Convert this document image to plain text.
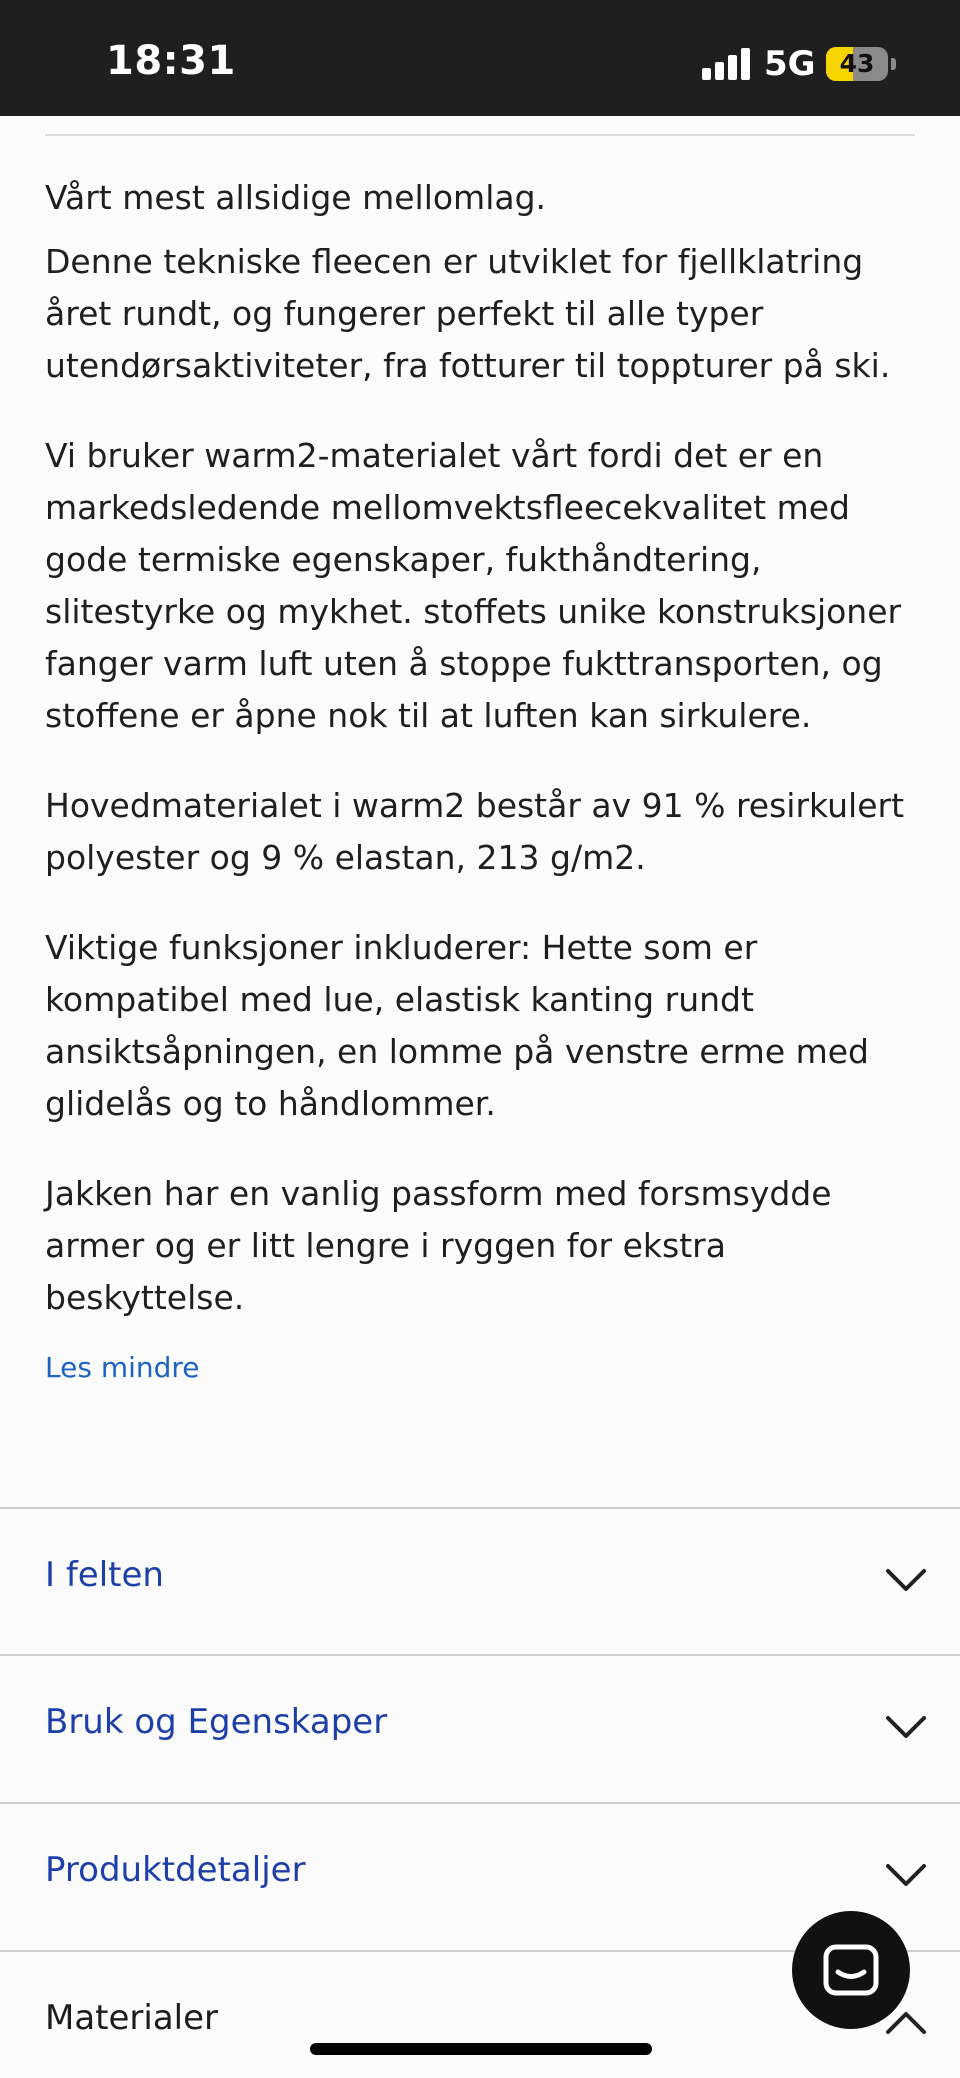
18:31	5G 43

Vårt mest allsidige mellomlag.

Denne tekniske fleecen er utviklet for fjellklatring året rundt, og fungerer perfekt til alle typer utendørsaktiviteter, fra fotturer til toppturer på ski.

Vi bruker warm2-materialet vårt fordi det er en markedsledende mellomvektsfleecekvalitet med gode termiske egenskaper, fukthåndtering, slitestyrke og mykhet. stoffets unike konstruksjoner fanger varm luft uten å stoppe fukttransporten, og stoffene er åpne nok til at luften kan sirkulere.

Hovedmaterialet i warm2 består av 91 % resirkulert polyester og 9 % elastan, 213 g/m2.

Viktige funksjoner inkluderer: Hette som er kompatibel med lue, elastisk kanting rundt ansiktsåpningen, en lomme på venstre erme med glidelås og to håndlommer.

Jakken har en vanlig passform med forsmsydde armer og er litt lengre i ryggen for ekstra beskyttelse.

Les mindre
I felten
Bruk og Egenskaper
Produktdetaljer
Materialer
